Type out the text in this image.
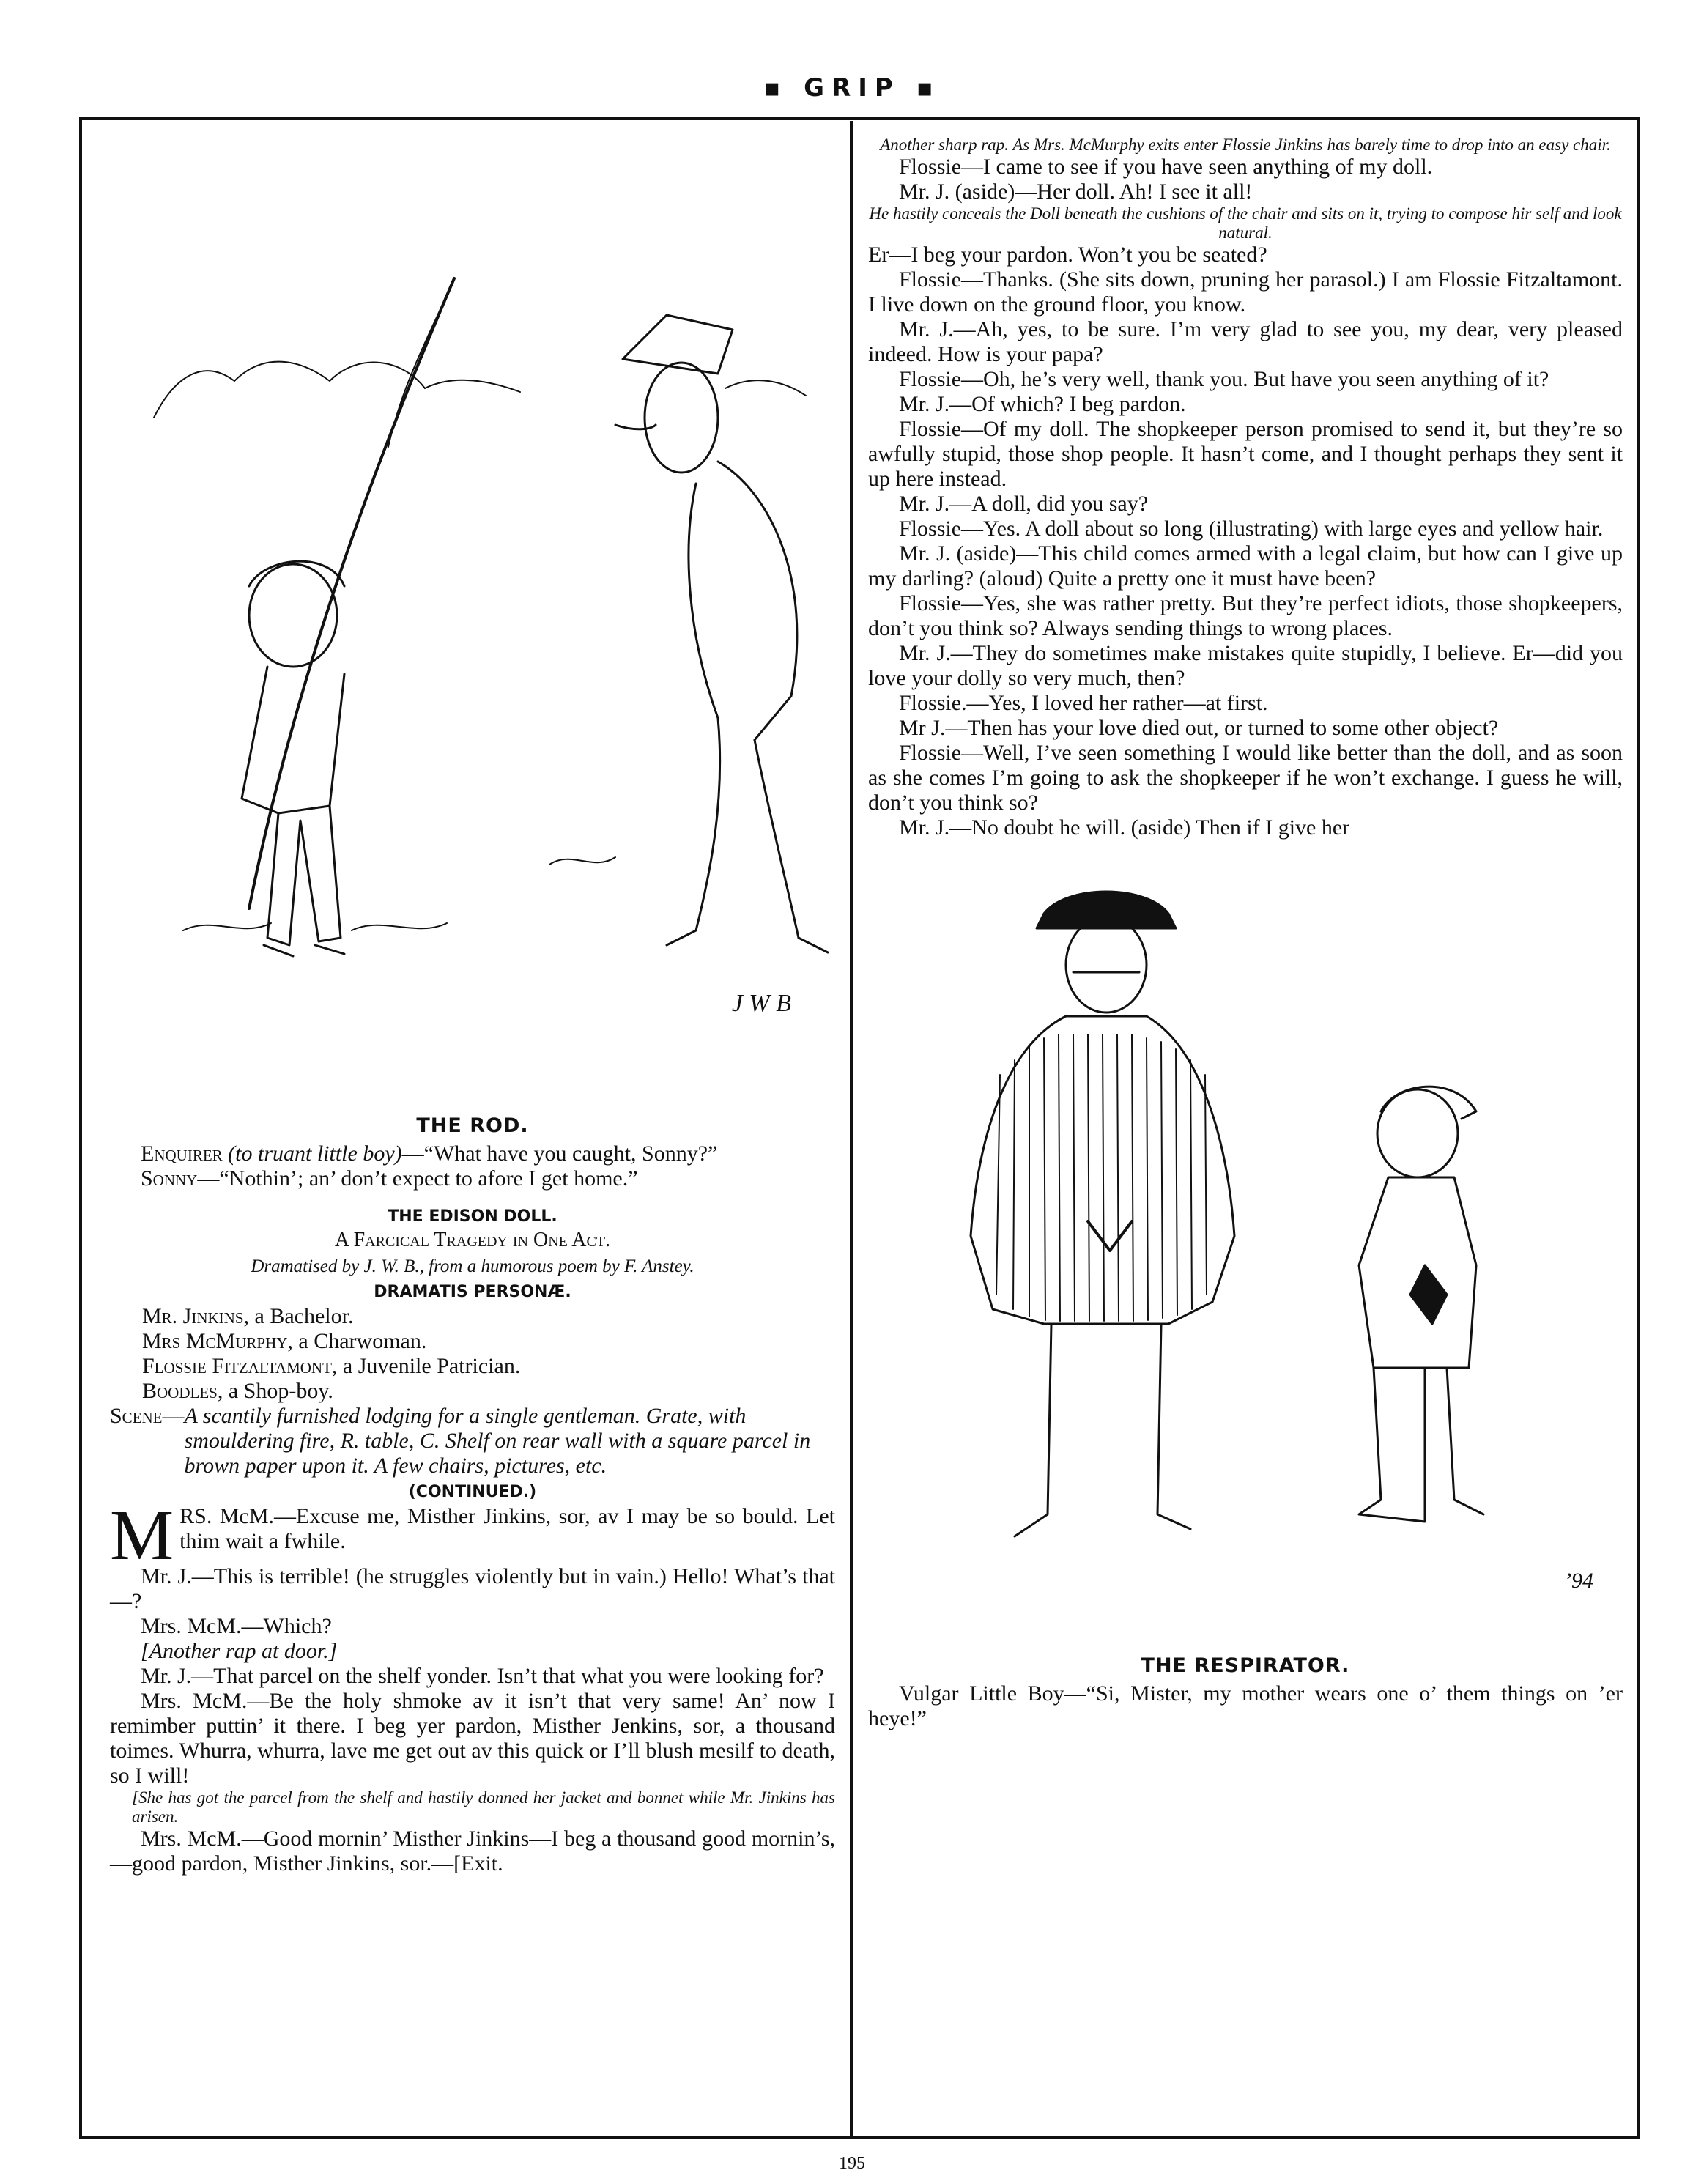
▪ GRIP ▪
J W B
THE ROD.

Enquirer (to truant little boy)—“What have you caught, Sonny?”

Sonny—“Nothin’; an’ don’t expect to afore I get home.”

THE EDISON DOLL.
A Farcical Tragedy in One Act.
Dramatised by J. W. B., from a humorous poem by F. Anstey.
DRAMATIS PERSONÆ.

Mr. Jinkins, a Bachelor.

Mrs McMurphy, a Charwoman.

Flossie Fitzaltamont, a Juvenile Patrician.

Boodles, a Shop-boy.

Scene— A scantily furnished lodging for a single gentleman. Grate, with smouldering fire, R. table, C. Shelf on rear wall with a square parcel in brown paper upon it. A few chairs, pictures, etc.
(CONTINUED.)

MRS. McM.—Excuse me, Misther Jinkins, sor, av I may be so bould. Let thim wait a fwhile.

Mr. J.—This is terrible! (he struggles violently but in vain.) Hello! What’s that—?

Mrs. McM.—Which?

[Another rap at door.]

Mr. J.—That parcel on the shelf yonder. Isn’t that what you were looking for?

Mrs. McM.—Be the holy shmoke av it isn’t that very same! An’ now I remimber puttin’ it there. I beg yer pardon, Misther Jenkins, sor, a thousand toimes. Whurra, whurra, lave me get out av this quick or I’ll blush mesilf to death, so I will!

[She has got the parcel from the shelf and hastily donned her jacket and bonnet while Mr. Jinkins has arisen.

Mrs. McM.—Good mornin’ Misther Jinkins—I beg a thousand good mornin’s,—good pardon, Misther Jinkins, sor.—[Exit.

Another sharp rap. As Mrs. McMurphy exits enter Flossie Jinkins has barely time to drop into an easy chair.

Flossie—I came to see if you have seen anything of my doll.

Mr. J. (aside)—Her doll. Ah! I see it all!

He hastily conceals the Doll beneath the cushions of the chair and sits on it, trying to compose hir self and look natural.

Er—I beg your pardon. Won’t you be seated?

Flossie—Thanks. (She sits down, pruning her parasol.) I am Flossie Fitzaltamont. I live down on the ground floor, you know.

Mr. J.—Ah, yes, to be sure. I’m very glad to see you, my dear, very pleased indeed. How is your papa?

Flossie—Oh, he’s very well, thank you. But have you seen anything of it?

Mr. J.—Of which? I beg pardon.

Flossie—Of my doll. The shopkeeper person promised to send it, but they’re so awfully stupid, those shop people. It hasn’t come, and I thought perhaps they sent it up here instead.

Mr. J.—A doll, did you say?

Flossie—Yes. A doll about so long (illustrating) with large eyes and yellow hair.

Mr. J. (aside)—This child comes armed with a legal claim, but how can I give up my darling? (aloud) Quite a pretty one it must have been?

Flossie—Yes, she was rather pretty. But they’re perfect idiots, those shopkeepers, don’t you think so? Always sending things to wrong places.

Mr. J.—They do sometimes make mistakes quite stupidly, I believe. Er—did you love your dolly so very much, then?

Flossie.—Yes, I loved her rather—at first.

Mr J.—Then has your love died out, or turned to some other object?

Flossie—Well, I’ve seen something I would like better than the doll, and as soon as she comes I’m going to ask the shopkeeper if he won’t exchange. I guess he will, don’t you think so?

Mr. J.—No doubt he will. (aside) Then if I give her

’94
THE RESPIRATOR.

Vulgar Little Boy—“Si, Mister, my mother wears one o’ them things on ’er heye!”

195
